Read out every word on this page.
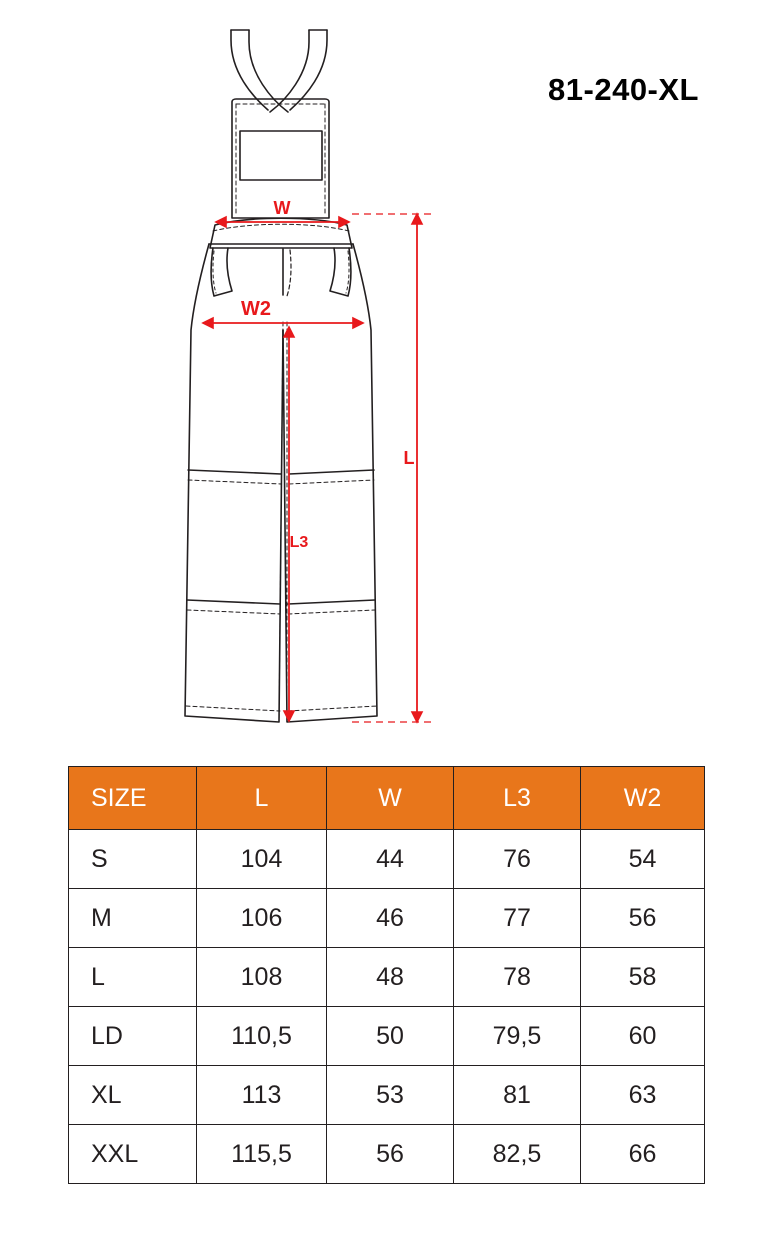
81-240-XL
W
W2
L
L3
SIZE	L	W	L3	W2
S	104	44	76	54
M	106	46	77	56
L	108	48	78	58
LD	110,5	50	79,5	60
XL	113	53	81	63
XXL	115,5	56	82,5	66
